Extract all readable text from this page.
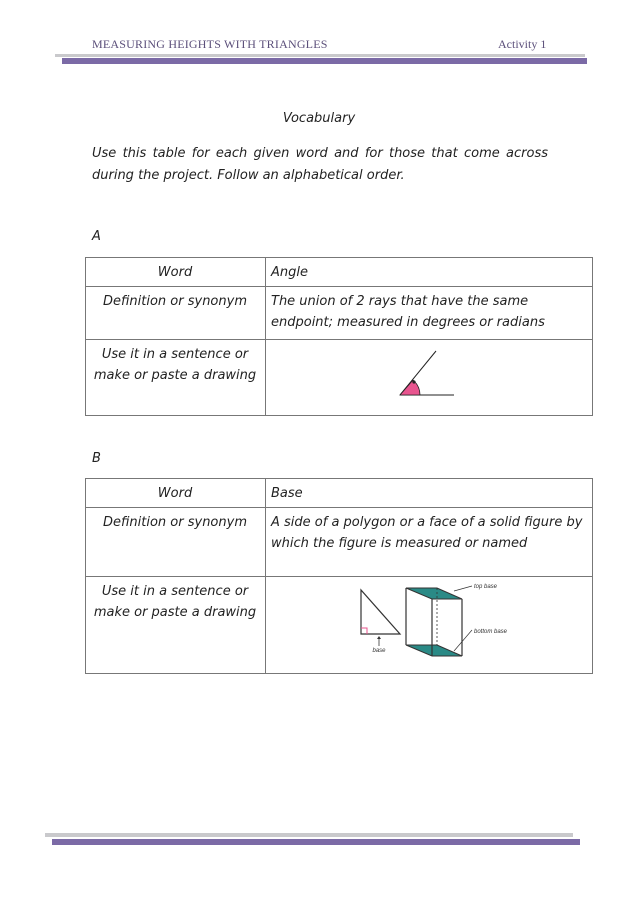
MEASURING HEIGHTS WITH TRIANGLES	Activity 1
Vocabulary
Use this table for each given word and for those that come across during the project. Follow an alphabetical order.
A
Word	Angle
Definition or synonym	The union of 2 rays that have the same endpoint; measured in degrees or radians
Use it in a sentence or make or paste a drawing	
B
Word	Base
Definition or synonym	A side of a polygon or a face of a solid figure by which the figure is measured or named
Use it in a sentence or make or paste a drawing	base
top base
bottom base
